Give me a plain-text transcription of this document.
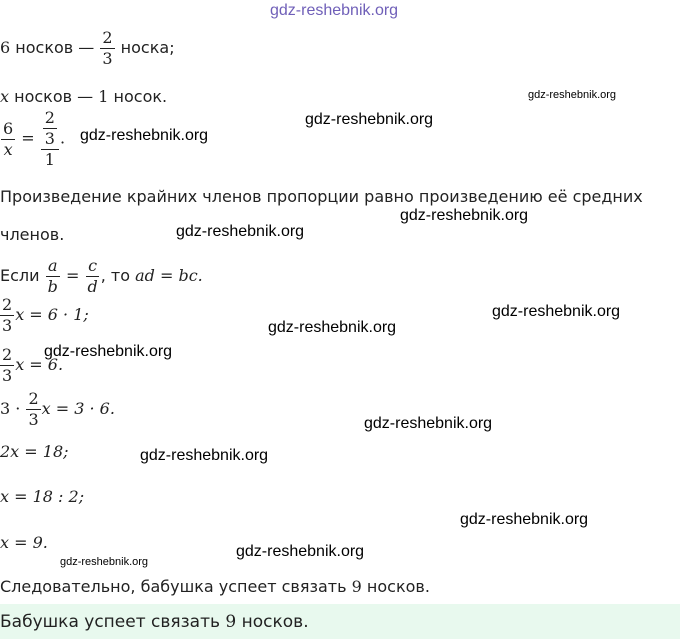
gdz-reshebnik.org
6 носков — $\frac{2}{3}$ носка;
x носков — 1 носок.
$\frac{6}{x} = \frac{\frac{2}{3}}{1}$ .
Произведение крайних членов пропорции равно произведению её средних
членов.
Если $\frac{a}{b} = \frac{c}{d}$ , то ad = bc.
$\frac{2}{3}$ x = 6 · 1;
$\frac{2}{3}$ x = 6.
$3 \cdot \frac{2}{3}$ x = 3 · 6.
2x = 18;
x = 18 : 2;
x = 9.
Следовательно, бабушка успеет связать 9 носков.
Бабушка успеет связать 9 носков.
gdz-reshebnik.org
gdz-reshebnik.org
gdz-reshebnik.org
gdz-reshebnik.org
gdz-reshebnik.org
gdz-reshebnik.org
gdz-reshebnik.org
gdz-reshebnik.org
gdz-reshebnik.org
gdz-reshebnik.org
gdz-reshebnik.org
gdz-reshebnik.org
gdz-reshebnik.org
